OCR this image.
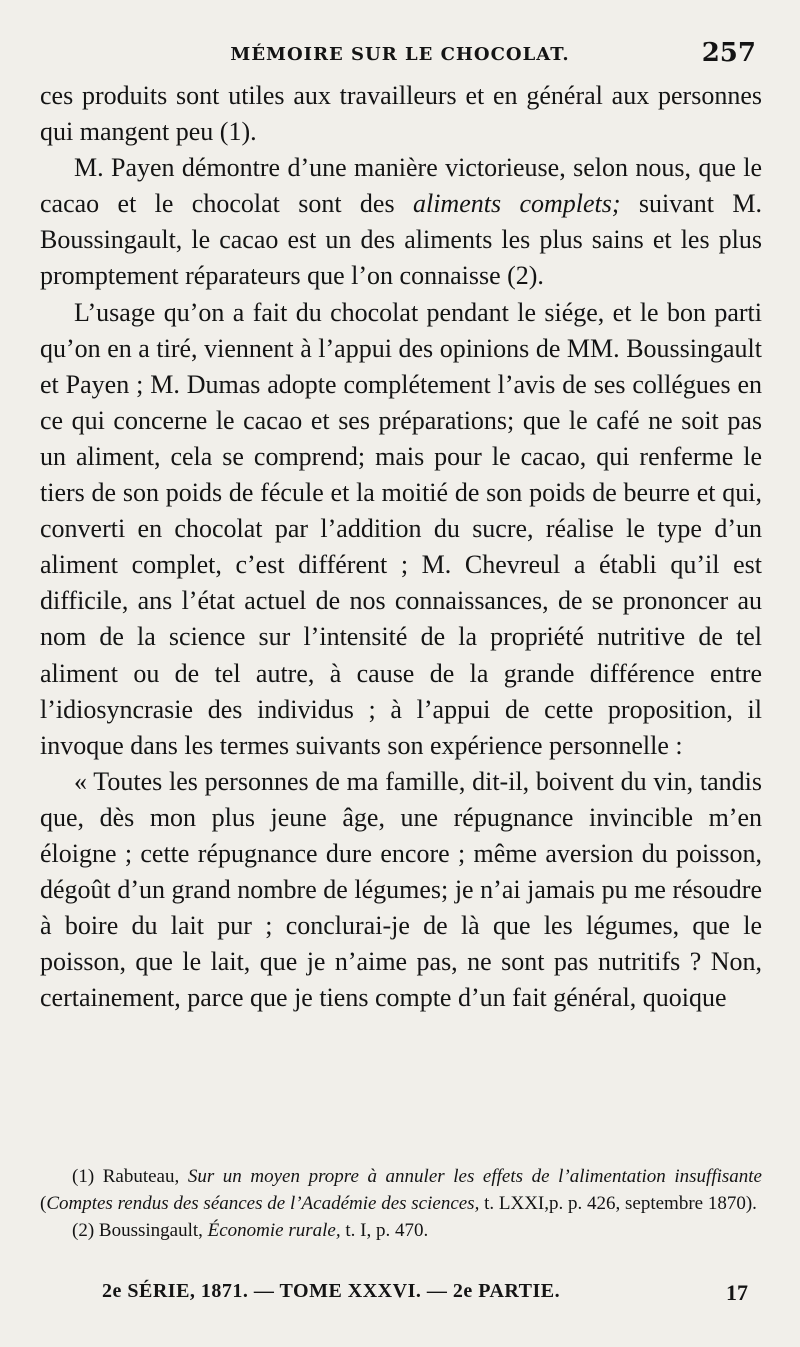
MÉMOIRE SUR LE CHOCOLAT.	257

ces produits sont utiles aux travailleurs et en général aux personnes qui mangent peu (1).

M. Payen démontre d’une manière victorieuse, selon nous, que le cacao et le chocolat sont des aliments complets; suivant M. Boussingault, le cacao est un des aliments les plus sains et les plus promptement réparateurs que l’on connaisse (2).

L’usage qu’on a fait du chocolat pendant le siége, et le bon parti qu’on en a tiré, viennent à l’appui des opinions de MM. Boussingault et Payen ; M. Dumas adopte complétement l’avis de ses collégues en ce qui concerne le cacao et ses préparations; que le café ne soit pas un aliment, cela se comprend; mais pour le cacao, qui renferme le tiers de son poids de fécule et la moitié de son poids de beurre et qui, converti en chocolat par l’addition du sucre, réalise le type d’un aliment complet, c’est différent ; M. Chevreul a établi qu’il est difficile, ans l’état actuel de nos connaissances, de se prononcer au nom de la science sur l’intensité de la propriété nutritive de tel aliment ou de tel autre, à cause de la grande différence entre l’idiosyncrasie des individus ; à l’appui de cette proposition, il invoque dans les termes suivants son expérience personnelle :

« Toutes les personnes de ma famille, dit-il, boivent du vin, tandis que, dès mon plus jeune âge, une répugnance invincible m’en éloigne ; cette répugnance dure encore ; même aversion du poisson, dégoût d’un grand nombre de légumes; je n’ai jamais pu me résoudre à boire du lait pur ; conclurai-je de là que les légumes, que le poisson, que le lait, que je n’aime pas, ne sont pas nutritifs ? Non, certainement, parce que je tiens compte d’un fait général, quoique

(1) Rabuteau, Sur un moyen propre à annuler les effets de l’alimentation insuffisante (Comptes rendus des séances de l’Académie des sciences, t. LXXI,p. p. 426, septembre 1870).

(2) Boussingault, Économie rurale, t. I, p. 470.

2e SÉRIE, 1871. — TOME XXXVI. — 2e PARTIE.	17
